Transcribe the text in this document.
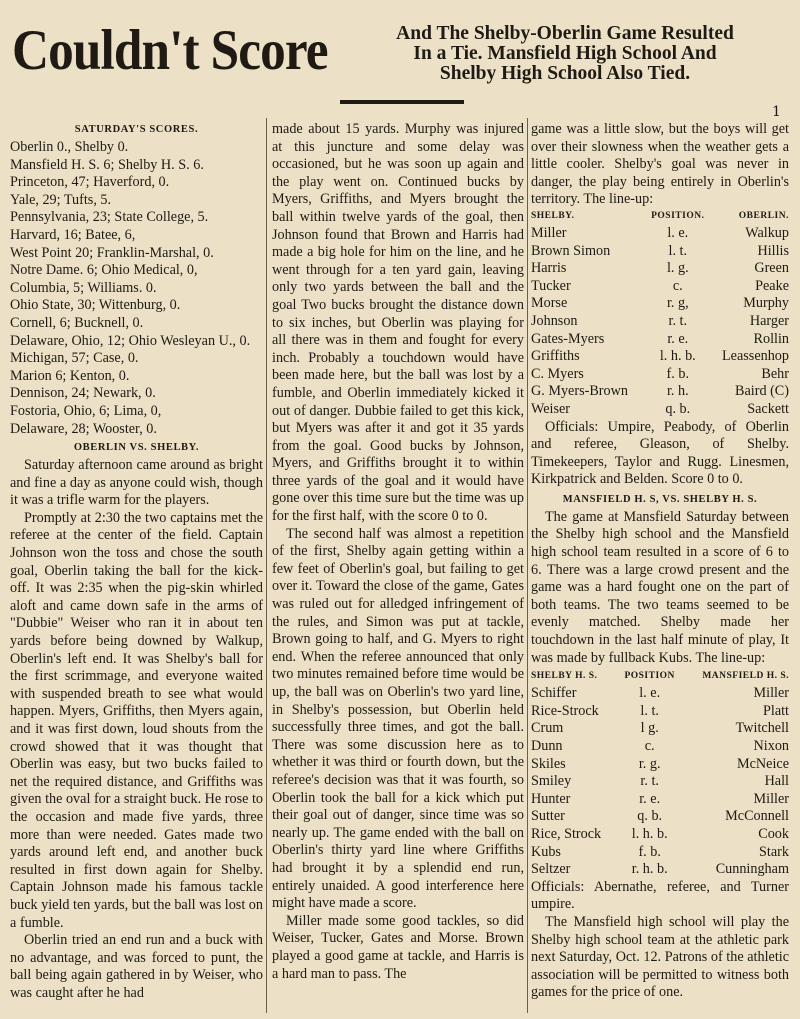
Couldn't Score	And The Shelby-Oberlin Game Resulted
In a Tie. Mansfield High School And
Shelby High School Also Tied.
1
SATURDAY'S SCORES.
Oberlin 0., Shelby 0.
Mansfield H. S. 6; Shelby H. S. 6.
Princeton, 47; Haverford, 0.
Yale, 29; Tufts, 5.
Pennsylvania, 23; State College, 5.
Harvard, 16; Batee, 6,
West Point 20; Franklin-Marshal, 0.
Notre Dame. 6; Ohio Medical, 0,
Columbia, 5; Williams. 0.
Ohio State, 30; Wittenburg, 0.
Cornell, 6; Bucknell, 0.
Delaware, Ohio, 12; Ohio Wesleyan U., 0.
Michigan, 57; Case, 0.
Marion 6; Kenton, 0.
Dennison, 24; Newark, 0.
Fostoria, Ohio, 6; Lima, 0,
Delaware, 28; Wooster, 0.
OBERLIN VS. SHELBY.

Saturday afternoon came around as bright and fine a day as anyone could wish, though it was a trifle warm for the players.

Promptly at 2:30 the two captains met the referee at the center of the field. Captain Johnson won the toss and chose the south goal, Oberlin taking the ball for the kick-off. It was 2:35 when the pig-skin whirled aloft and came down safe in the arms of "Dubbie" Weiser who ran it in about ten yards before being downed by Walkup, Oberlin's left end. It was Shelby's ball for the first scrimmage, and everyone waited with suspended breath to see what would happen. Myers, Griffiths, then Myers again, and it was first down, loud shouts from the crowd showed that it was thought that Oberlin was easy, but two bucks failed to net the required distance, and Griffiths was given the oval for a straight buck. He rose to the occasion and made five yards, three more than were needed. Gates made two yards around left end, and another buck resulted in first down again for Shelby. Captain Johnson made his famous tackle buck yield ten yards, but the ball was lost on a fumble.

Oberlin tried an end run and a buck with no advantage, and was forced to punt, the ball being again gathered in by Weiser, who was caught after he had

made about 15 yards. Murphy was injured at this juncture and some delay was occasioned, but he was soon up again and the play went on. Continued bucks by Myers, Griffiths, and Myers brought the ball within twelve yards of the goal, then Johnson found that Brown and Harris had made a big hole for him on the line, and he went through for a ten yard gain, leaving only two yards between the ball and the goal Two bucks brought the distance down to six inches, but Oberlin was playing for all there was in them and fought for every inch. Probably a touchdown would have been made here, but the ball was lost by a fumble, and Oberlin immediately kicked it out of danger. Dubbie failed to get this kick, but Myers was after it and got it 35 yards from the goal. Good bucks by Johnson, Myers, and Griffiths brought it to within three yards of the goal and it would have gone over this time sure but the time was up for the first half, with the score 0 to 0.

The second half was almost a repetition of the first, Shelby again getting within a few feet of Oberlin's goal, but failing to get over it. Toward the close of the game, Gates was ruled out for alledged infringement of the rules, and Simon was put at tackle, Brown going to half, and G. Myers to right end. When the referee announced that only two minutes remained before time would be up, the ball was on Oberlin's two yard line, in Shelby's possession, but Oberlin held successfully three times, and got the ball. There was some discussion here as to whether it was third or fourth down, but the referee's decision was that it was fourth, so Oberlin took the ball for a kick which put their goal out of danger, since time was so nearly up. The game ended with the ball on Oberlin's thirty yard line where Griffiths had brought it by a splendid end run, entirely unaided. A good interference here might have made a score.

Miller made some good tackles, so did Weiser, Tucker, Gates and Morse. Brown played a good game at tackle, and Harris is a hard man to pass. The

game was a little slow, but the boys will get over their slowness when the weather gets a little cooler. Shelby's goal was never in danger, the play being entirely in Oberlin's territory. The line-up:

SHELBY.	POSITION.	OBERLIN.
Miller	l. e.	Walkup
Brown Simon	l. t.	Hillis
Harris	l. g.	Green
Tucker	c.	Peake
Morse	r. g,	Murphy
Johnson	r. t.	Harger
Gates-Myers	r. e.	Rollin
Griffiths	l. h. b.	Leassenhop
C. Myers	f. b.	Behr
G. Myers-Brown	r. h.	Baird (C)
Weiser	q. b.	Sackett

Officials: Umpire, Peabody, of Oberlin and referee, Gleason, of Shelby. Timekeepers, Taylor and Rugg. Linesmen, Kirkpatrick and Belden. Score 0 to 0.

MANSFIELD H. S, VS. SHELBY H. S.

The game at Mansfield Saturday between the Shelby high school and the Mansfield high school team resulted in a score of 6 to 6. There was a large crowd present and the game was a hard fought one on the part of both teams. The two teams seemed to be evenly matched. Shelby made her touchdown in the last half minute of play, It was made by fullback Kubs. The line-up:

SHELBY H. S.	POSITION	MANSFIELD H. S.
Schiffer	l. e.	Miller
Rice-Strock	l. t.	Platt
Crum	l g.	Twitchell
Dunn	c.	Nixon
Skiles	r. g.	McNeice
Smiley	r. t.	Hall
Hunter	r. e.	Miller
Sutter	q. b.	McConnell
Rice, Strock	l. h. b.	Cook
Kubs	f. b.	Stark
Seltzer	r. h. b.	Cunningham

Officials: Abernathe, referee, and Turner umpire.

The Mansfield high school will play the Shelby high school team at the athletic park next Saturday, Oct. 12. Patrons of the athletic association will be permitted to witness both games for the price of one.
